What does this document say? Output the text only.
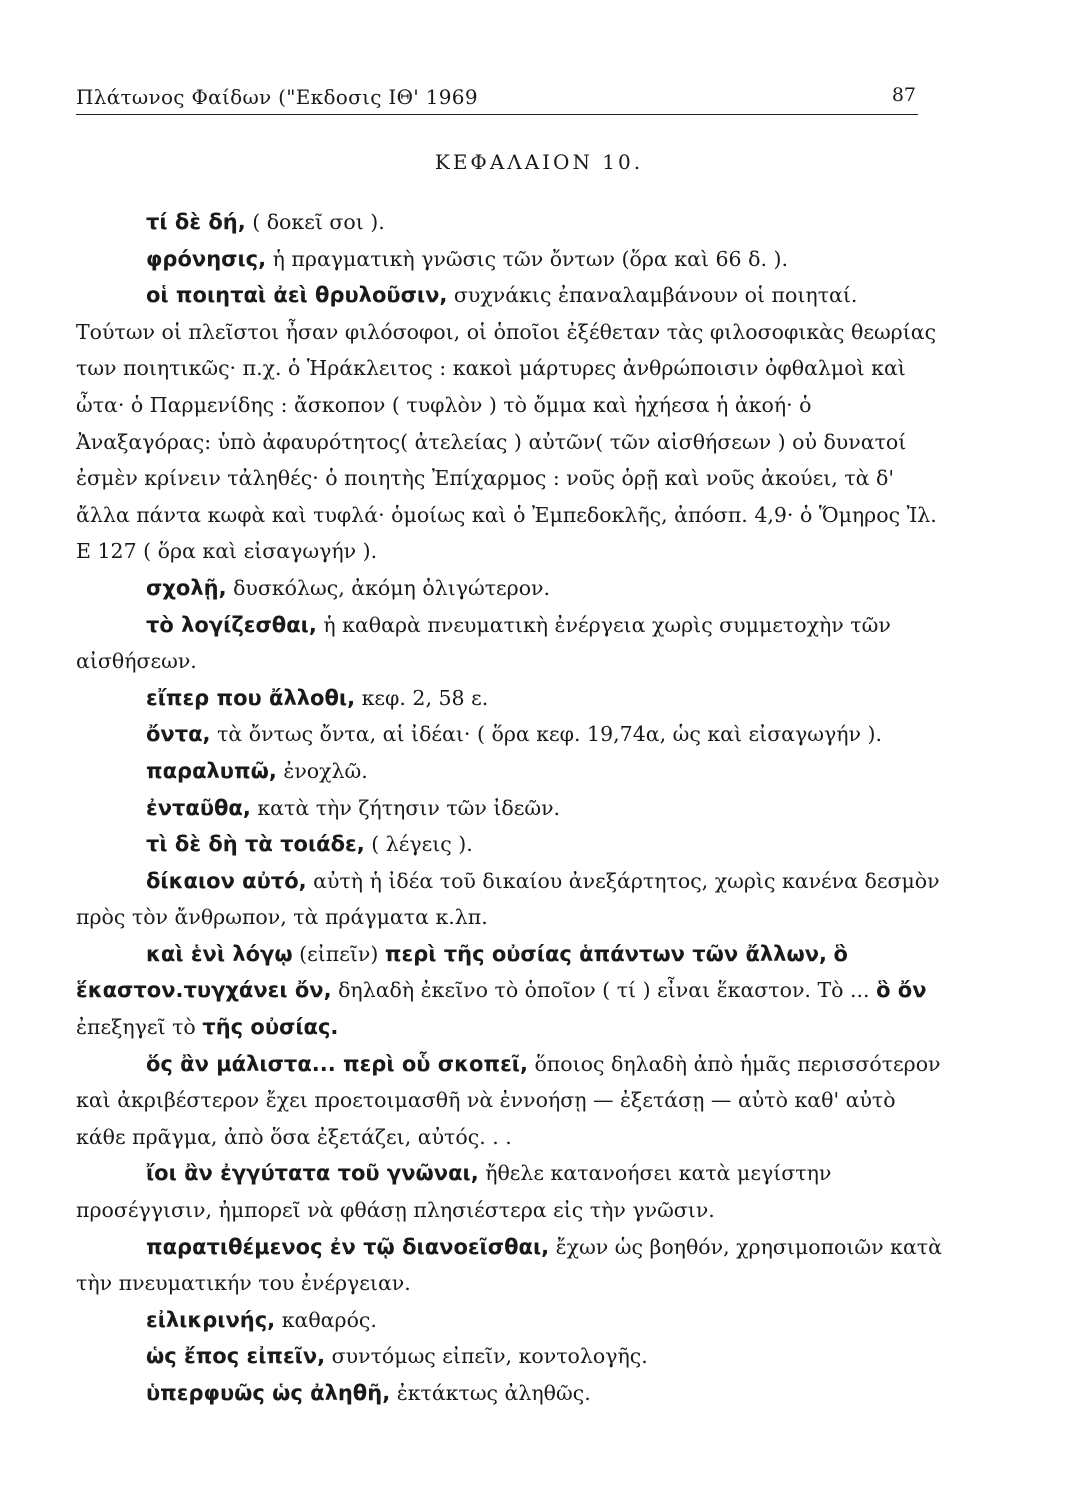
Πλάτωνος Φαίδων ("Εκδοσις ΙΘ' 1969	87
ΚΕΦΑΛΑΙΟΝ 10.

τί δὲ δή, ( δοκεῖ σοι ).

φρόνησις, ἡ πραγματικὴ γνῶσις τῶν ὄντων (ὅρα καὶ 66 δ. ).

οἱ ποιηταὶ ἀεὶ θρυλοῦσιν, συχνάκις ἐπαναλαμβάνουν οἱ ποιηταί. Τούτων οἱ πλεῖστοι ἦσαν φιλόσοφοι, οἱ ὁποῖοι ἐξέθεταν τὰς φιλοσοφικὰς θεωρίας των ποιητικῶς· π.χ. ὁ Ἡράκλειτος : κακοὶ μάρτυρες ἀνθρώποισιν ὀφθαλμοὶ καὶ ὦτα· ὁ Παρμενίδης : ἄσκοπον ( τυφλὸν ) τὸ ὄμμα καὶ ἠχήεσα ἡ ἀκοή· ὁ Ἀναξαγόρας: ὑπὸ ἀφαυρότητος( ἀτελείας ) αὐτῶν( τῶν αἰσθήσεων ) οὐ δυνατοί ἐσμὲν κρίνειν τἀληθές· ὁ ποιητὴς Ἐπίχαρμος : νοῦς ὁρῇ καὶ νοῦς ἀκούει, τὰ δ' ἄλλα πάντα κωφὰ καὶ τυφλά· ὁμοίως καὶ ὁ Ἐμπεδοκλῆς, ἀπόσπ. 4,9· ὁ Ὅμηρος Ἰλ. Ε 127 ( ὅρα καὶ εἰσαγωγήν ).

σχολῇ, δυσκόλως, ἀκόμη ὀλιγώτερον.

τὸ λογίζεσθαι, ἡ καθαρὰ πνευματικὴ ἐνέργεια χωρὶς συμμετοχὴν τῶν αἰσθήσεων.

εἴπερ που ἄλλοθι, κεφ. 2, 58 ε.

ὄντα, τὰ ὄντως ὄντα, αἱ ἰδέαι· ( ὅρα κεφ. 19,74α, ὡς καὶ εἰσαγωγήν ).

παραλυπῶ, ἐνοχλῶ.

ἐνταῦθα, κατὰ τὴν ζήτησιν τῶν ἰδεῶν.

τὶ δὲ δὴ τὰ τοιάδε, ( λέγεις ).

δίκαιον αὐτό, αὐτὴ ἡ ἰδέα τοῦ δικαίου ἀνεξάρτητος, χωρὶς κανένα δεσμὸν πρὸς τὸν ἄνθρωπον, τὰ πράγματα κ.λπ.

καὶ ἑνὶ λόγῳ (εἰπεῖν) περὶ τῆς οὐσίας ἁπάντων τῶν ἄλλων, ὃ ἕκαστον.τυγχάνει ὄν, δηλαδὴ ἐκεῖνο τὸ ὁποῖον ( τί ) εἶναι ἕκαστον. Τὸ ... ὃ ὄν ἐπεξηγεῖ τὸ τῆς οὐσίας.

ὅς ἂν μάλιστα... περὶ οὗ σκοπεῖ, ὅποιος δηλαδὴ ἀπὸ ἡμᾶς περισσότερον καὶ ἀκριβέστερον ἔχει προετοιμασθῆ νὰ ἐννοήσῃ — ἐξετάσῃ — αὐτὸ καθ' αὐτὸ κάθε πρᾶγμα, ἀπὸ ὅσα ἐξετάζει, αὐτός. . .

ἴοι ἂν ἐγγύτατα τοῦ γνῶναι, ἤθελε κατανοήσει κατὰ μεγίστην προσέγγισιν, ἠμπορεῖ νὰ φθάσῃ πλησιέστερα εἰς τὴν γνῶσιν.

παρατιθέμενος ἐν τῷ διανοεῖσθαι, ἔχων ὡς βοηθόν, χρησιμοποιῶν κατὰ τὴν πνευματικήν του ἐνέργειαν.

εἰλικρινής, καθαρός.

ὡς ἔπος εἰπεῖν, συντόμως εἰπεῖν, κοντολογῆς.

ὑπερφυῶς ὡς ἀληθῆ, ἐκτάκτως ἀληθῶς.
